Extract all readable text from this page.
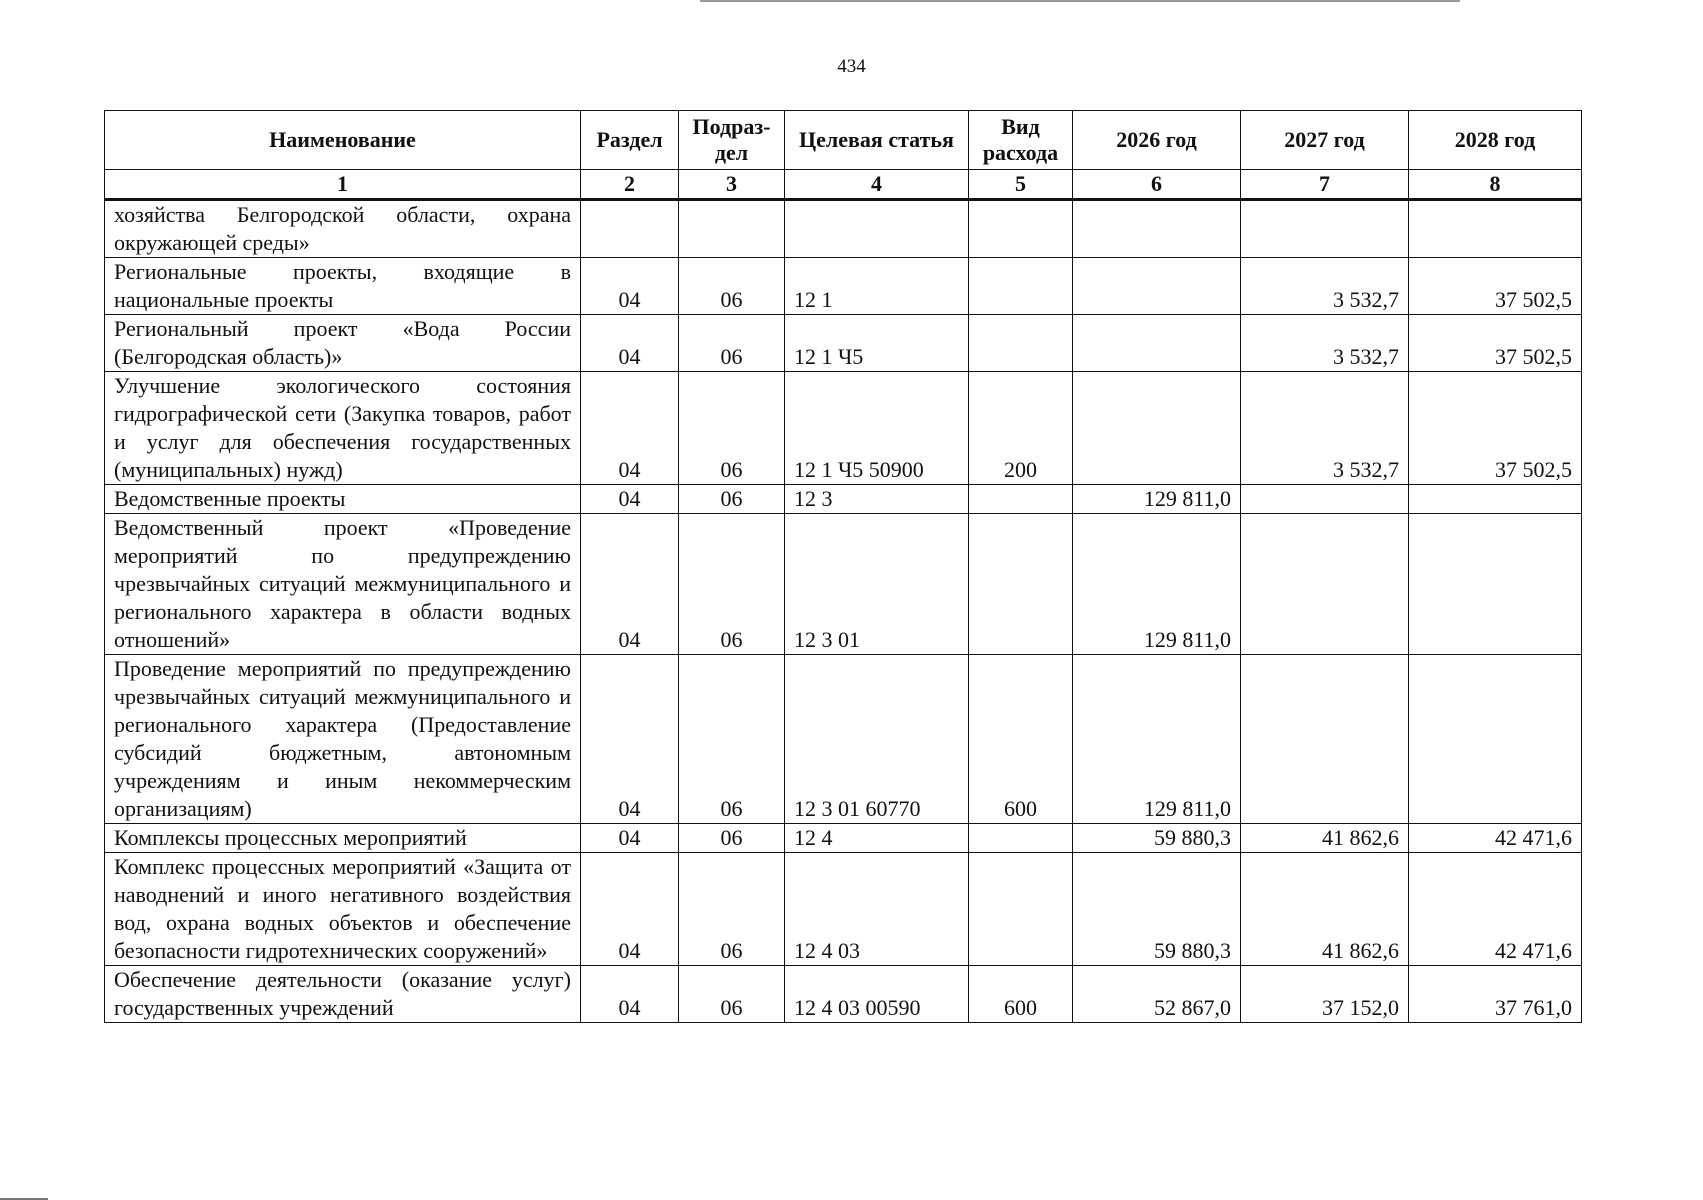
434
Наименование	Раздел	Подраз-дел	Целевая статья	Вид расхода	2026 год	2027 год	2028 год
1	2	3	4	5	6	7	8
хозяйства Белгородской области, охрана окружающей среды»							
Региональные проекты, входящие в национальные проекты	04	06	12 1			3 532,7	37 502,5
Региональный проект «Вода России (Белгородская область)»	04	06	12 1 Ч5			3 532,7	37 502,5
Улучшение экологического состояния гидрографической сети (Закупка товаров, работ и услуг для обеспечения государственных (муниципальных) нужд)	04	06	12 1 Ч5 50900	200		3 532,7	37 502,5
Ведомственные проекты	04	06	12 3		129 811,0		
Ведомственный проект «Проведение мероприятий по предупреждению чрезвычайных ситуаций межмуниципального и регионального характера в области водных отношений»	04	06	12 3 01		129 811,0		
Проведение мероприятий по предупреждению чрезвычайных ситуаций межмуниципального и регионального характера (Предоставление субсидий бюджетным, автономным учреждениям и иным некоммерческим организациям)	04	06	12 3 01 60770	600	129 811,0		
Комплексы процессных мероприятий	04	06	12 4		59 880,3	41 862,6	42 471,6
Комплекс процессных мероприятий «Защита от наводнений и иного негативного воздействия вод, охрана водных объектов и обеспечение безопасности гидротехнических сооружений»	04	06	12 4 03		59 880,3	41 862,6	42 471,6
Обеспечение деятельности (оказание услуг) государственных учреждений	04	06	12 4 03 00590	600	52 867,0	37 152,0	37 761,0
